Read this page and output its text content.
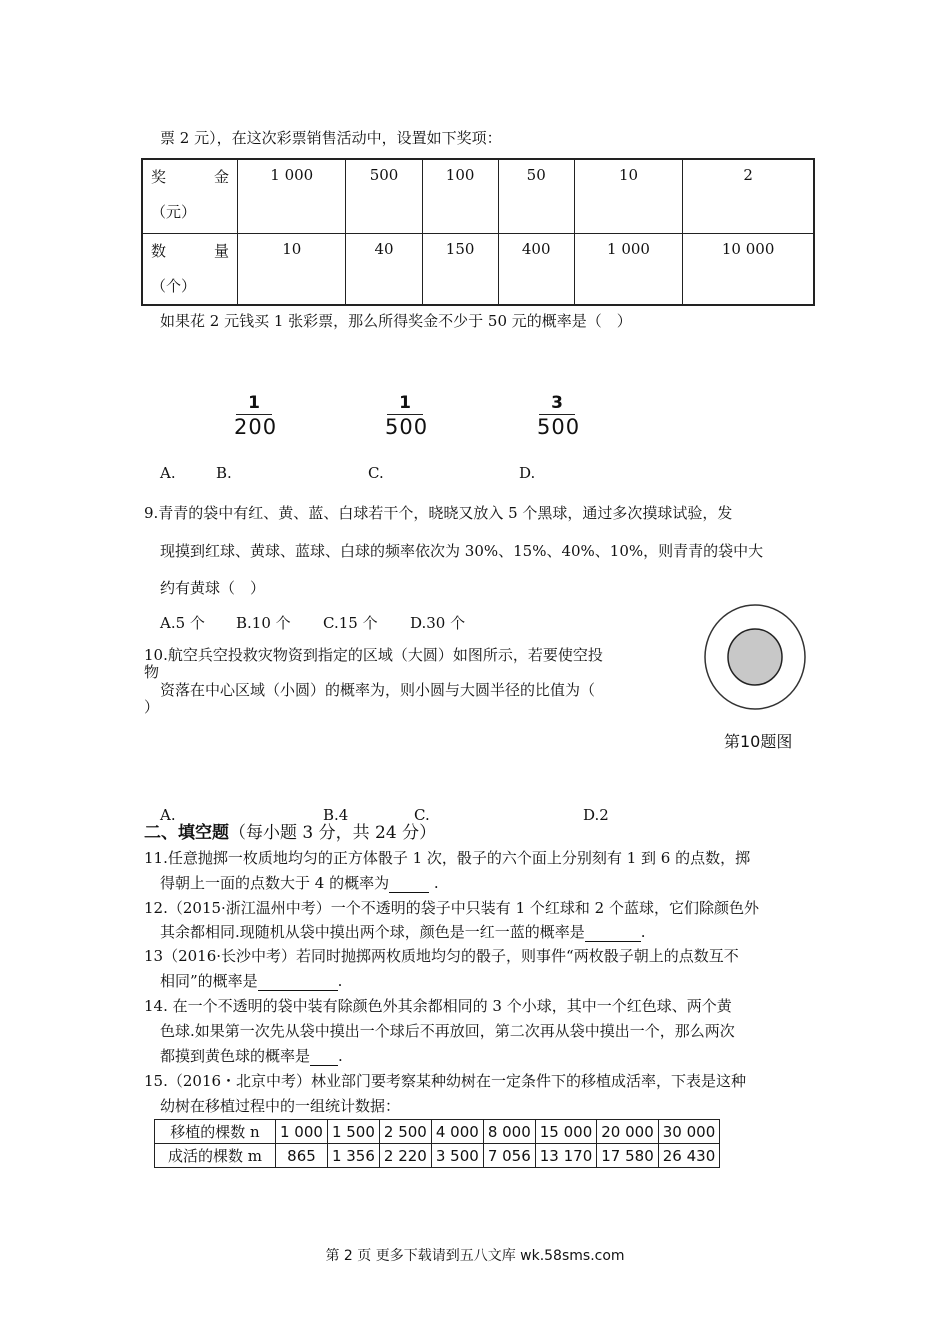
票 2 元），在这次彩票销售活动中，设置如下奖项：
奖 金
（元）	1 000	500	100	50	10	2

数 量
（个）	10	40	150	400	1 000	10 000
如果花 2 元钱买 1 张彩票，那么所得奖金不少于 50 元的概率是（　）
1
200
1
500
3
500
A.	B.	C.	D.
9.青青的袋中有红、黄、蓝、白球若干个，晓晓又放入 5 个黑球，通过多次摸球试验，发
现摸到红球、黄球、蓝球、白球的频率依次为 30%、15%、40%、10%，则青青的袋中大
约有黄球（　）
A.5 个 B.10 个 C.15 个 D.30 个
10.航空兵空投救灾物资到指定的区域（大圆）如图所示，若要使空投
物
资落在中心区域（小圆）的概率为，则小圆与大圆半径的比值为（
）
第10题图
A.	B.4	C.	D.2
二、填空题（每小题 3 分，共 24 分）
11.任意抛掷一枚质地均匀的正方体骰子 1 次，骰子的六个面上分别刻有 1 到 6 的点数，掷
得朝上一面的点数大于 4 的概率为	.
12.（2015·浙江温州中考）一个不透明的袋子中只装有 1 个红球和 2 个蓝球，它们除颜色外
其余都相同.现随机从袋中摸出两个球，颜色是一红一蓝的概率是	.
13（2016·长沙中考）若同时抛掷两枚质地均匀的骰子，则事件“两枚骰子朝上的点数互不
相同”的概率是	.
14. 在一个不透明的袋中装有除颜色外其余都相同的 3 个小球，其中一个红色球、两个黄
色球.如果第一次先从袋中摸出一个球后不再放回，第二次再从袋中摸出一个，那么两次
都摸到黄色球的概率是 .
15.（2016・北京中考）林业部门要考察某种幼树在一定条件下的移植成活率，下表是这种
幼树在移植过程中的一组统计数据：
移植的棵数 n	1 000	1 500	2 500	4 000	8 000	15 000	20 000	30 000
成活的棵数 m	865	1 356	2 220	3 500	7 056	13 170	17 580	26 430
第 2 页 更多下载请到五八文库 wk.58sms.com
